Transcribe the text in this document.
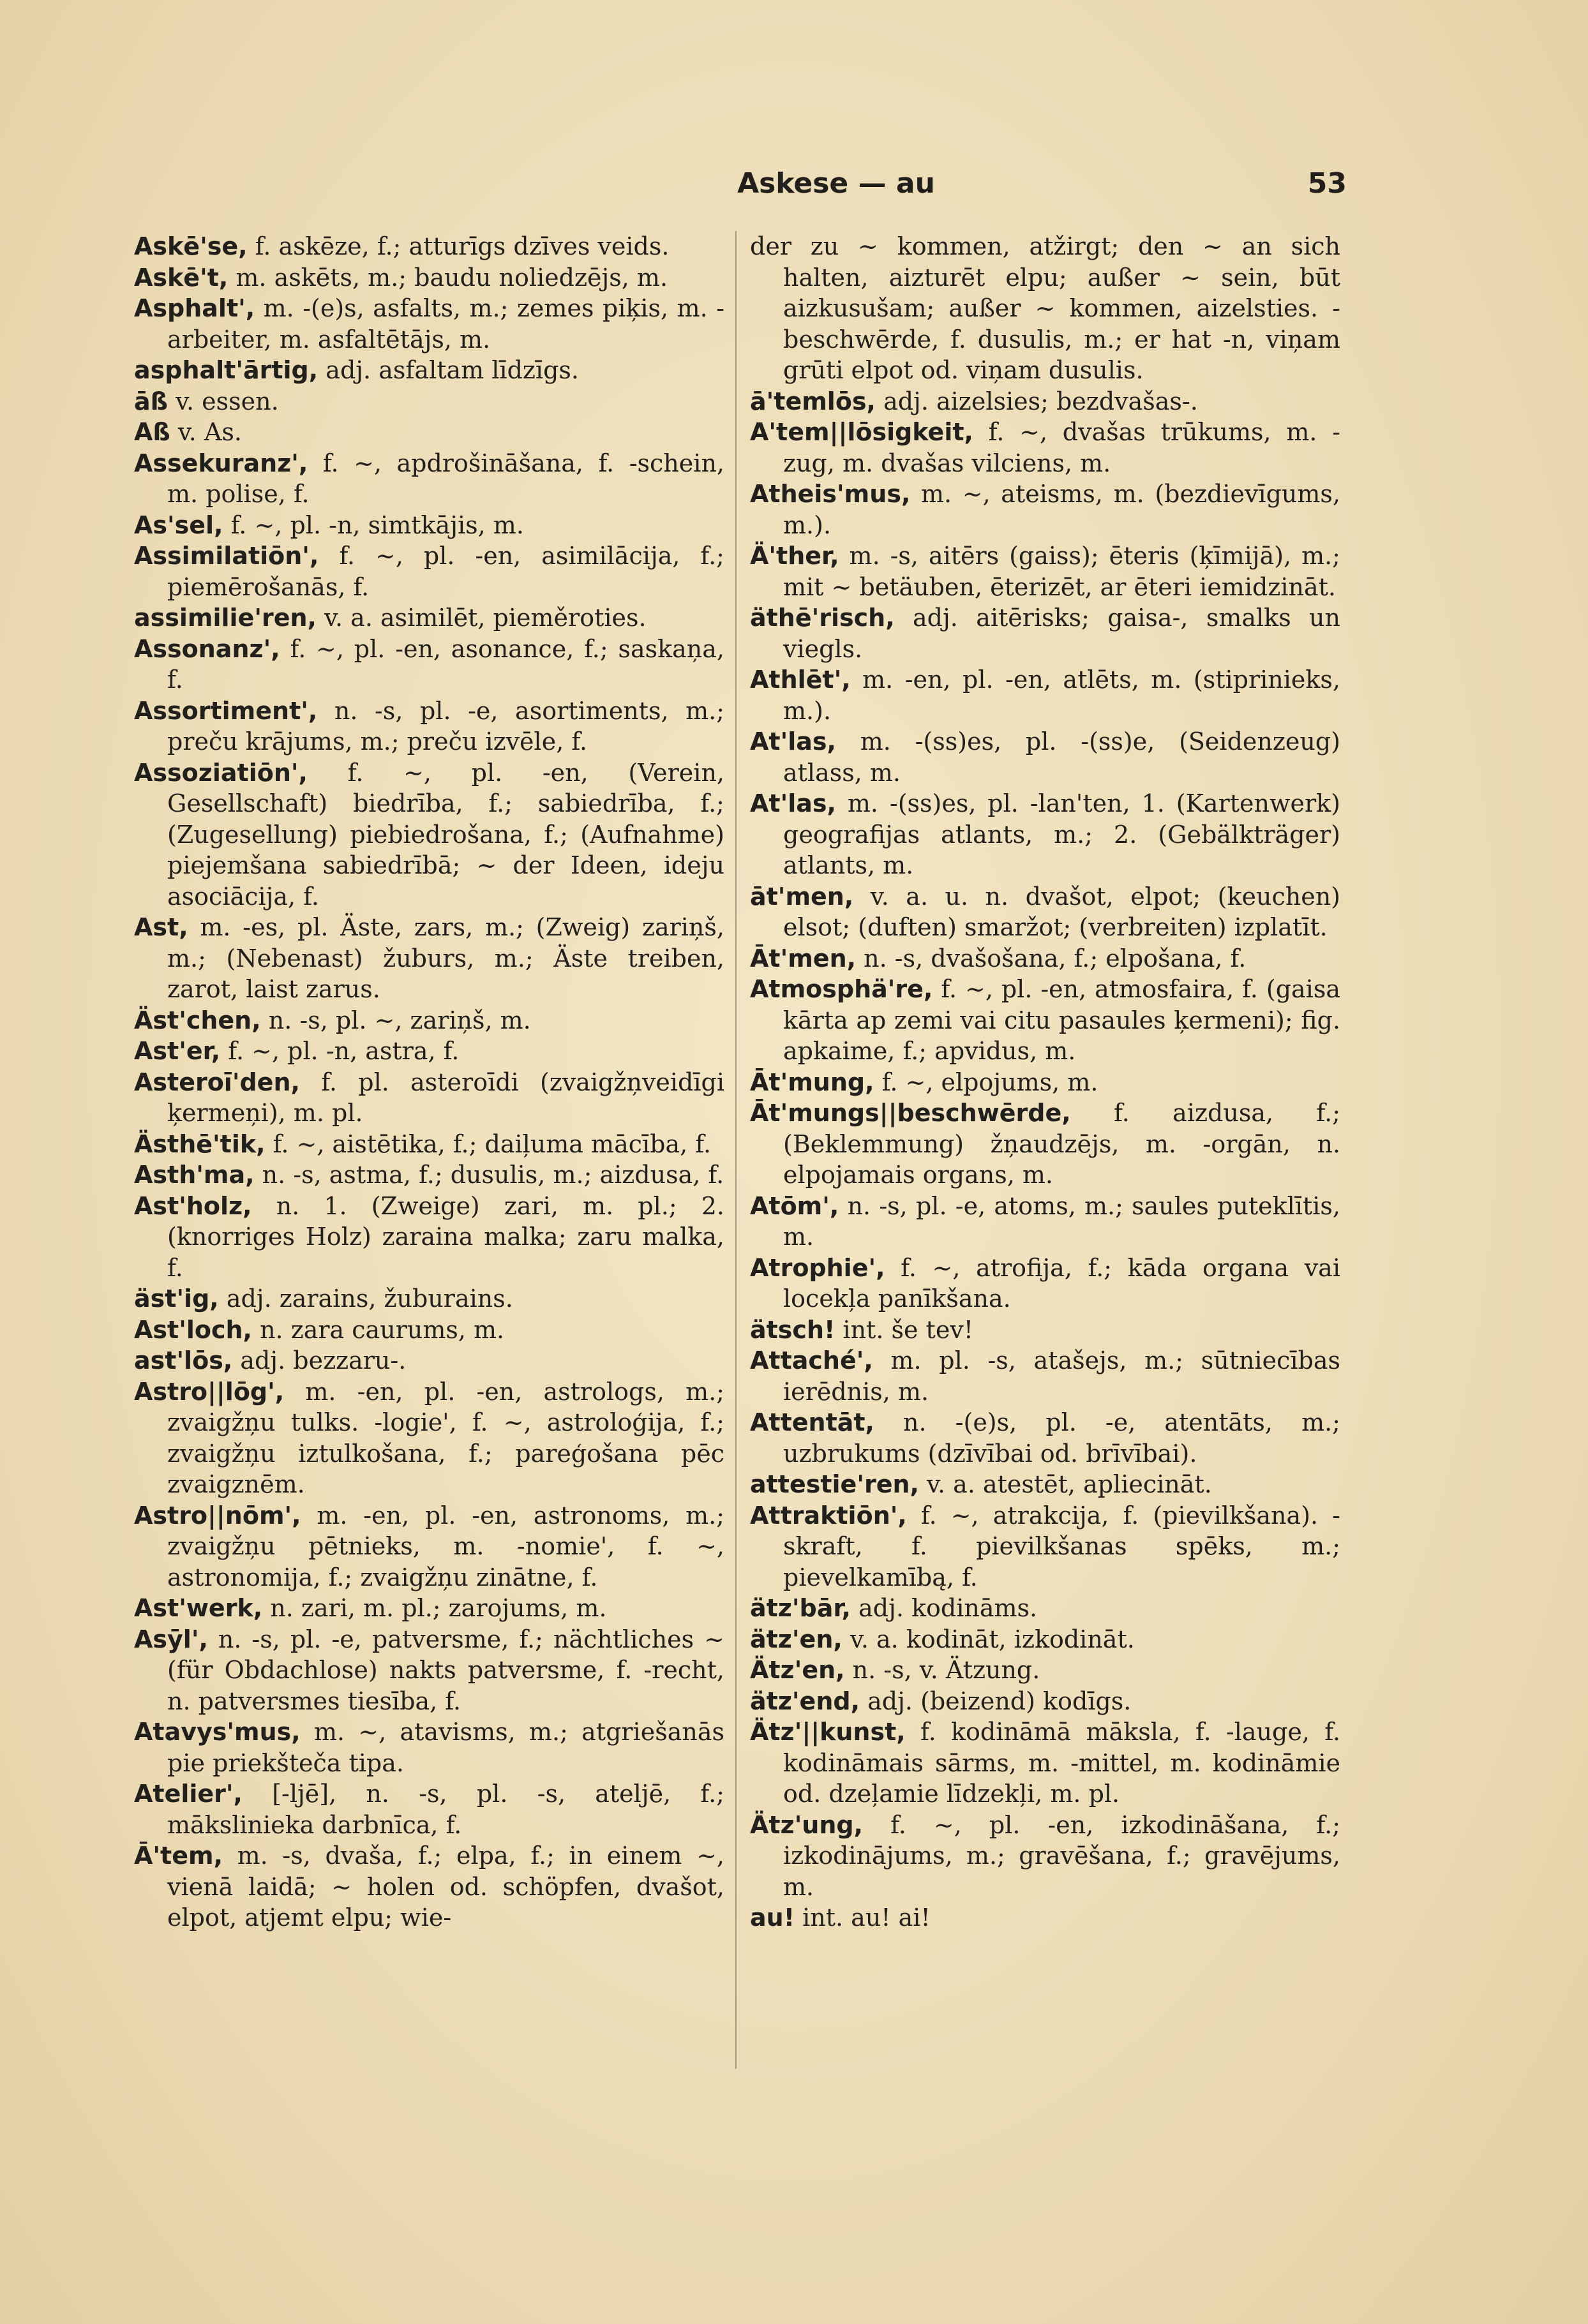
Askese — au	53

Askē'se, f. askēze, f.; atturīgs dzīves veids.

Askē't, m. askēts, m.; baudu noliedzējs, m.

Asphalt', m. -(e)s, asfalts, m.; zemes piķis, m. -arbeiter, m. asfaltētājs, m.

asphalt'ārtig, adj. asfaltam līdzīgs.

āß v. essen.

Aß v. As.

Assekuranz', f. ~, apdrošināšana, f. -schein, m. polise, f.

As'sel, f. ~, pl. -n, simtkājis, m.

Assimilatiōn', f. ~, pl. -en, asimilācija, f.; piemērošanās, f.

assimilie'ren, v. a. asimilēt, pieměroties.

Assonanz', f. ~, pl. -en, asonance, f.; saskaņa, f.

Assortiment', n. -s, pl. -e, asortiments, m.; preču krājums, m.; preču izvēle, f.

Assoziatiōn', f. ~, pl. -en, (Verein, Gesellschaft) biedrība, f.; sabiedrība, f.; (Zugesellung) piebiedrošana, f.; (Aufnahme) piejemšana sabiedrībā; ~ der Ideen, ideju asociācija, f.

Ast, m. -es, pl. Äste, zars, m.; (Zweig) zariņš, m.; (Nebenast) žuburs, m.; Äste treiben, zarot, laist zarus.

Äst'chen, n. -s, pl. ~, zariņš, m.

Ast'er, f. ~, pl. -n, astra, f.

Asteroī'den, f. pl. asteroīdi (zvaigžņveidīgi ķermeņi), m. pl.

Ästhē'tik, f. ~, aistētika, f.; daiļuma mācība, f.

Asth'ma, n. -s, astma, f.; dusulis, m.; aizdusa, f.

Ast'holz, n. 1. (Zweige) zari, m. pl.; 2. (knorriges Holz) zaraina malka; zaru malka, f.

äst'ig, adj. zarains, žuburains.

Ast'loch, n. zara caurums, m.

ast'lōs, adj. bezzaru-.

Astro||lōg', m. -en, pl. -en, astrologs, m.; zvaigžņu tulks. -logie', f. ~, astroloģija, f.; zvaigžņu iztulkošana, f.; pareģošana pēc zvaigznēm.

Astro||nōm', m. -en, pl. -en, astronoms, m.; zvaigžņu pētnieks, m. -nomie', f. ~, astronomija, f.; zvaigžņu zinātne, f.

Ast'werk, n. zari, m. pl.; zarojums, m.

Asȳl', n. -s, pl. -e, patversme, f.; nächtliches ~ (für Obdachlose) nakts patversme, f. -recht, n. patversmes tiesība, f.

Atavys'mus, m. ~, atavisms, m.; atgriešanās pie priekšteča tipa.

Atelier', [-ljē], n. -s, pl. -s, ateljē, f.; mākslinieka darbnīca, f.

Ā'tem, m. -s, dvaša, f.; elpa, f.; in einem ~, vienā laidā; ~ holen od. schöpfen, dvašot, elpot, atjemt elpu; wie-

der zu ~ kommen, atžirgt; den ~ an sich halten, aizturēt elpu; außer ~ sein, būt aizkusušam; außer ~ kommen, aizelsties. -beschwērde, f. dusulis, m.; er hat -n, viņam grūti elpot od. viņam dusulis.

ā'temlōs, adj. aizelsies; bezdvašas-.

A'tem||lōsigkeit, f. ~, dvašas trūkums, m. -zug, m. dvašas vilciens, m.

Atheis'mus, m. ~, ateisms, m. (bezdievīgums, m.).

Ä'ther, m. -s, aitērs (gaiss); ēteris (ķīmijā), m.; mit ~ betäuben, ēterizēt, ar ēteri iemidzināt.

äthē'risch, adj. aitērisks; gaisa-, smalks un viegls.

Athlēt', m. -en, pl. -en, atlēts, m. (stiprinieks, m.).

At'las, m. -(ss)es, pl. -(ss)e, (Seidenzeug) atlass, m.

At'las, m. -(ss)es, pl. -lan'ten, 1. (Kartenwerk) geografijas atlants, m.; 2. (Gebälkträger) atlants, m.

āt'men, v. a. u. n. dvašot, elpot; (keuchen) elsot; (duften) smaržot; (verbreiten) izplatīt.

Āt'men, n. -s, dvašošana, f.; elpošana, f.

Atmosphä're, f. ~, pl. -en, atmosfaira, f. (gaisa kārta ap zemi vai citu pasaules ķermeni); fig. apkaime, f.; apvidus, m.

Āt'mung, f. ~, elpojums, m.

Āt'mungs||beschwērde, f. aizdusa, f.; (Beklemmung) žņaudzējs, m. -orgān, n. elpojamais organs, m.

Atōm', n. -s, pl. -e, atoms, m.; saules puteklītis, m.

Atrophie', f. ~, atrofija, f.; kāda organa vai locekļa panīkšana.

ätsch! int. še tev!

Attaché', m. pl. -s, atašejs, m.; sūtniecības ierēdnis, m.

Attentāt, n. -(e)s, pl. -e, atentāts, m.; uzbrukums (dzīvībai od. brīvībai).

attestie'ren, v. a. atestēt, apliecināt.

Attraktiōn', f. ~, atrakcija, f. (pievilkšana). -skraft, f. pievilkšanas spēks, m.; pievelkamībą, f.

ätz'bār, adj. kodināms.

ätz'en, v. a. kodināt, izkodināt.

Ätz'en, n. -s, v. Ätzung.

ätz'end, adj. (beizend) kodīgs.

Ätz'||kunst, f. kodināmā māksla, f. -lauge, f. kodināmais sārms, m. -mittel, m. kodināmie od. dzeļamie līdzekļi, m. pl.

Ätz'ung, f. ~, pl. -en, izkodināšana, f.; izkodinājums, m.; gravēšana, f.; gravējums, m.

au! int. au! ai!
